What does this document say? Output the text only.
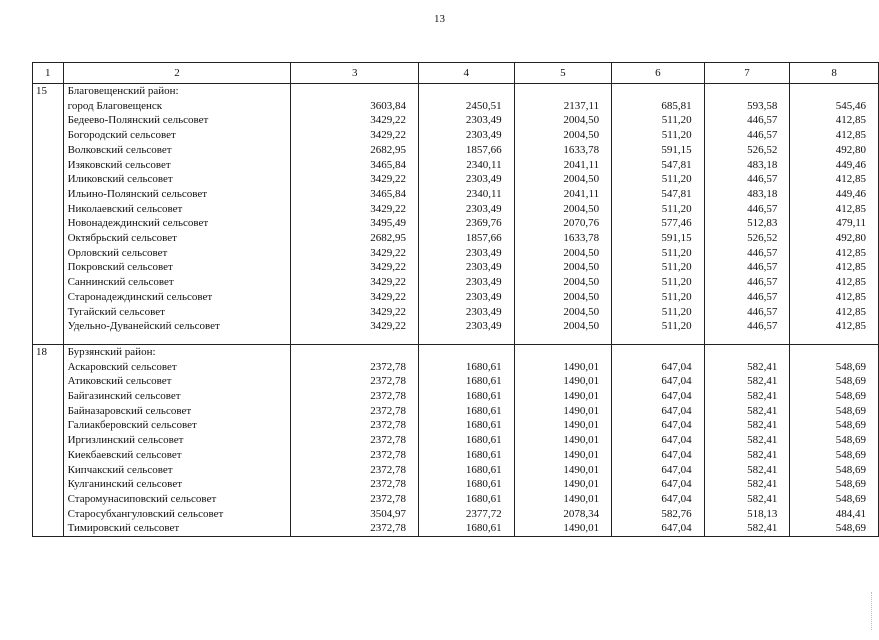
13
1	2	3	4	5	6	7	8
15	Благовещенский район:						
	город Благовещенск	3603,84	2450,51	2137,11	685,81	593,58	545,46
	Бедеево-Полянский сельсовет	3429,22	2303,49	2004,50	511,20	446,57	412,85
	Богородский сельсовет	3429,22	2303,49	2004,50	511,20	446,57	412,85
	Волковский сельсовет	2682,95	1857,66	1633,78	591,15	526,52	492,80
	Изяковский сельсовет	3465,84	2340,11	2041,11	547,81	483,18	449,46
	Иликовский сельсовет	3429,22	2303,49	2004,50	511,20	446,57	412,85
	Ильино-Полянский сельсовет	3465,84	2340,11	2041,11	547,81	483,18	449,46
	Николаевский сельсовет	3429,22	2303,49	2004,50	511,20	446,57	412,85
	Новонадеждинский сельсовет	3495,49	2369,76	2070,76	577,46	512,83	479,11
	Октябрьский сельсовет	2682,95	1857,66	1633,78	591,15	526,52	492,80
	Орловский сельсовет	3429,22	2303,49	2004,50	511,20	446,57	412,85
	Покровский сельсовет	3429,22	2303,49	2004,50	511,20	446,57	412,85
	Саннинский сельсовет	3429,22	2303,49	2004,50	511,20	446,57	412,85
	Старонадеждинский сельсовет	3429,22	2303,49	2004,50	511,20	446,57	412,85
	Тугайский сельсовет	3429,22	2303,49	2004,50	511,20	446,57	412,85
	Удельно-Дуванейский сельсовет	3429,22	2303,49	2004,50	511,20	446,57	412,85

18	Бурзянский район:						
	Аскаровский сельсовет	2372,78	1680,61	1490,01	647,04	582,41	548,69
	Атиковский сельсовет	2372,78	1680,61	1490,01	647,04	582,41	548,69
	Байгазинский сельсовет	2372,78	1680,61	1490,01	647,04	582,41	548,69
	Байназаровский сельсовет	2372,78	1680,61	1490,01	647,04	582,41	548,69
	Галиакберовский сельсовет	2372,78	1680,61	1490,01	647,04	582,41	548,69
	Иргизлинский сельсовет	2372,78	1680,61	1490,01	647,04	582,41	548,69
	Киекбаевский сельсовет	2372,78	1680,61	1490,01	647,04	582,41	548,69
	Кипчакский сельсовет	2372,78	1680,61	1490,01	647,04	582,41	548,69
	Кулганинский сельсовет	2372,78	1680,61	1490,01	647,04	582,41	548,69
	Старомунасиповский сельсовет	2372,78	1680,61	1490,01	647,04	582,41	548,69
	Старосубхангуловский сельсовет	3504,97	2377,72	2078,34	582,76	518,13	484,41
	Тимировский сельсовет	2372,78	1680,61	1490,01	647,04	582,41	548,69
